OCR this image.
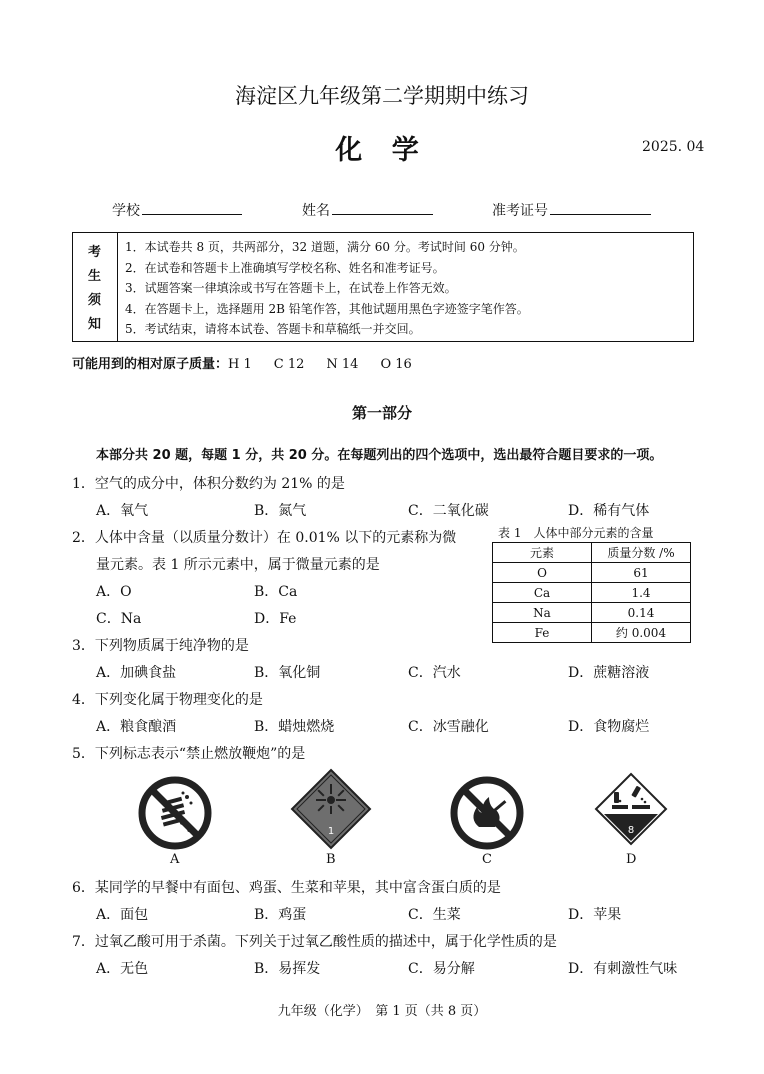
海淀区九年级第二学期期中练习
化 学	2025. 04
学校	姓名	准考证号
考
生
须
知
1．本试卷共 8 页，共两部分，32 道题，满分 60 分。考试时间 60 分钟。
2．在试卷和答题卡上准确填写学校名称、姓名和准考证号。
3．试题答案一律填涂或书写在答题卡上，在试卷上作答无效。
4．在答题卡上，选择题用 2B 铅笔作答，其他试题用黑色字迹签字笔作答。
5．考试结束，请将本试卷、答题卡和草稿纸一并交回。
可能用到的相对原子质量：H 1 C 12 N 14 O 16
第一部分
本部分共 20 题，每题 1 分，共 20 分。在每题列出的四个选项中，选出最符合题目要求的一项。
1．空气的成分中，体积分数约为 21% 的是
A．氧气	B．氮气	C．二氧化碳	D．稀有气体
2．人体中含量（以质量分数计）在 0.01% 以下的元素称为微
量元素。表 1 所示元素中，属于微量元素的是
A．O	B．Ca
C．Na	D．Fe
表 1　人体中部分元素的含量
元素	质量分数 /%
O	61
Ca	1.4
Na	0.14
Fe	约 0.004
3．下列物质属于纯净物的是
A．加碘食盐	B．氧化铜	C．汽水	D．蔗糖溶液
4．下列变化属于物理变化的是
A．粮食酿酒	B．蜡烛燃烧	C．冰雪融化	D．食物腐烂
5．下列标志表示“禁止燃放鞭炮”的是
1	8
A	B	C	D
6．某同学的早餐中有面包、鸡蛋、生菜和苹果，其中富含蛋白质的是
A．面包	B．鸡蛋	C．生菜	D．苹果
7．过氧乙酸可用于杀菌。下列关于过氧乙酸性质的描述中，属于化学性质的是
A．无色	B．易挥发	C．易分解	D．有刺激性气味
九年级（化学）　第 1 页（共 8 页）
